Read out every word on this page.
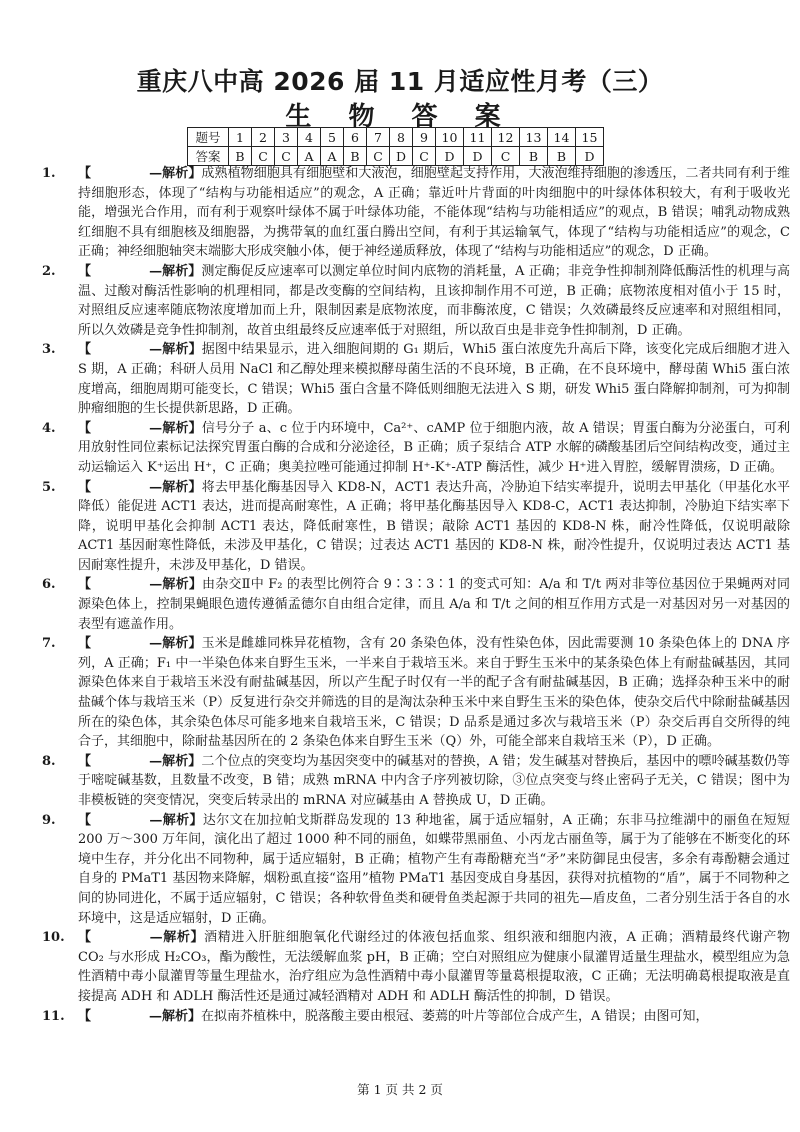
重庆八中高 2026 届 11 月适应性月考（三）
生 物 答 案
题号	1	2	3	4	5	6	7	8	9	10	11	12	13	14	15
答案	B	C	C	A	A	B	C	D	C	D	D	C	B	B	D

1.	【	—解析】成熟植物细胞具有细胞壁和大液泡，细胞壁起支持作用，大液泡维持细胞的渗透压，二者共同有利于维持细胞形态，体现了“结构与功能相适应”的观念，A 正确；靠近叶片背面的叶肉细胞中的叶绿体体积较大，有利于吸收光能，增强光合作用，而有利于观察叶绿体不属于叶绿体功能，不能体现“结构与功能相适应”的观点，B 错误；哺乳动物成熟红细胞不具有细胞核及细胞器，为携带氧的血红蛋白腾出空间，有利于其运输氧气，体现了“结构与功能相适应”的观念，C 正确；神经细胞轴突末端膨大形成突触小体，便于神经递质释放，体现了“结构与功能相适应”的观念，D 正确。

2.	【	—解析】测定酶促反应速率可以测定单位时间内底物的消耗量，A 正确；非竞争性抑制剂降低酶活性的机理与高温、过酸对酶活性影响的机理相同，都是改变酶的空间结构，且该抑制作用不可逆，B 正确；底物浓度相对值小于 15 时，对照组反应速率随底物浓度增加而上升，限制因素是底物浓度，而非酶浓度，C 错误；久效磷最终反应速率和对照组相同，所以久效磷是竞争性抑制剂，故首虫组最终反应速率低于对照组，所以敌百虫是非竞争性抑制剂，D 正确。

3.	【	—解析】据图中结果显示，进入细胞间期的 G₁ 期后，Whi5 蛋白浓度先升高后下降，该变化完成后细胞才进入 S 期，A 正确；科研人员用 NaCl 和乙醇处理来模拟酵母菌生活的不良环境，B 正确，在不良环境中，酵母菌 Whi5 蛋白浓度增高，细胞周期可能变长，C 错误；Whi5 蛋白含量不降低则细胞无法进入 S 期，研发 Whi5 蛋白降解抑制剂，可为抑制肿瘤细胞的生长提供新思路，D 正确。

4.	【	—解析】信号分子 a、c 位于内环境中，Ca²⁺、cAMP 位于细胞内液，故 A 错误；胃蛋白酶为分泌蛋白，可利用放射性同位素标记法探究胃蛋白酶的合成和分泌途径，B 正确；质子泵结合 ATP 水解的磷酸基团后空间结构改变，通过主动运输运入 K⁺运出 H⁺，C 正确；奥美拉唑可能通过抑制 H⁺-K⁺-ATP 酶活性，减少 H⁺进入胃腔，缓解胃溃疡，D 正确。

5.	【	—解析】将去甲基化酶基因导入 KD8-N，ACT1 表达升高，冷胁迫下结实率提升，说明去甲基化（甲基化水平降低）能促进 ACT1 表达，进而提高耐寒性，A 正确；将甲基化酶基因导入 KD8-C，ACT1 表达抑制，冷胁迫下结实率下降，说明甲基化会抑制 ACT1 表达，降低耐寒性，B 错误；敲除 ACT1 基因的 KD8-N 株，耐冷性降低，仅说明敲除 ACT1 基因耐寒性降低，未涉及甲基化，C 错误；过表达 ACT1 基因的 KD8-N 株，耐冷性提升，仅说明过表达 ACT1 基因耐寒性提升，未涉及甲基化，D 错误。

6.	【	—解析】由杂交Ⅱ中 F₂ 的表型比例符合 9∶3∶3∶1 的变式可知：A/a 和 T/t 两对非等位基因位于果蝇两对同源染色体上，控制果蝇眼色遗传遵循孟德尔自由组合定律，而且 A/a 和 T/t 之间的相互作用方式是一对基因对另一对基因的表型有遮盖作用。

7.	【	—解析】玉米是雌雄同株异花植物，含有 20 条染色体，没有性染色体，因此需要测 10 条染色体上的 DNA 序列，A 正确；F₁ 中一半染色体来自野生玉米，一半来自于栽培玉米。来自于野生玉米中的某条染色体上有耐盐碱基因，其同源染色体来自于栽培玉米没有耐盐碱基因，所以产生配子时仅有一半的配子含有耐盐碱基因，B 正确；选择杂种玉米中的耐盐碱个体与栽培玉米（P）反复进行杂交并筛选的目的是淘汰杂种玉米中来自野生玉米的染色体，使杂交后代中除耐盐碱基因所在的染色体，其余染色体尽可能多地来自栽培玉米，C 错误；D 品系是通过多次与栽培玉米（P）杂交后再自交所得的纯合子，其细胞中，除耐盐基因所在的 2 条染色体来自野生玉米（Q）外，可能全部来自栽培玉米（P），D 正确。

8.	【	—解析】二个位点的突变均为基因突变中的碱基对的替换，A 错；发生碱基对替换后，基因中的嘌呤碱基数仍等于嘧啶碱基数，且数量不改变，B 错；成熟 mRNA 中内含子序列被切除，③位点突变与终止密码子无关，C 错误；图中为非模板链的突变情况，突变后转录出的 mRNA 对应碱基由 A 替换成 U，D 正确。

9.	【	—解析】达尔文在加拉帕戈斯群岛发现的 13 种地雀，属于适应辐射，A 正确；东非马拉维湖中的丽鱼在短短 200 万～300 万年间，演化出了超过 1000 种不同的丽鱼，如蝶带黑丽鱼、小丙龙古丽鱼等，属于为了能够在不断变化的环境中生存，并分化出不同物种，属于适应辐射，B 正确；植物产生有毒酚糖充当“矛”来防御昆虫侵害，多余有毒酚糖会通过自身的 PMaT1 基因物来降解，烟粉虱直接“盗用”植物 PMaT1 基因变成自身基因，获得对抗植物的“盾”，属于不同物种之间的协同进化，不属于适应辐射，C 错误；各种软骨鱼类和硬骨鱼类起源于共同的祖先—盾皮鱼，二者分别生活于各自的水环境中，这是适应辐射，D 正确。

10.	【	—解析】酒精进入肝脏细胞氧化代谢经过的体液包括血浆、组织液和细胞内液，A 正确；酒精最终代谢产物 CO₂ 与水形成 H₂CO₃，酯为酸性，无法缓解血浆 pH，B 正确；空白对照组应为健康小鼠灌胃适量生理盐水，模型组应为急性酒精中毒小鼠灌胃等量生理盐水，治疗组应为急性酒精中毒小鼠灌胃等量葛根提取液，C 正确；无法明确葛根提取液是直接提高 ADH 和 ADLH 酶活性还是通过减轻酒精对 ADH 和 ADLH 酶活性的抑制，D 错误。

11.	【	—解析】在拟南芥植株中，脱落酸主要由根冠、萎蔫的叶片等部位合成产生，A 错误；由图可知，

第 1 页 共 2 页
